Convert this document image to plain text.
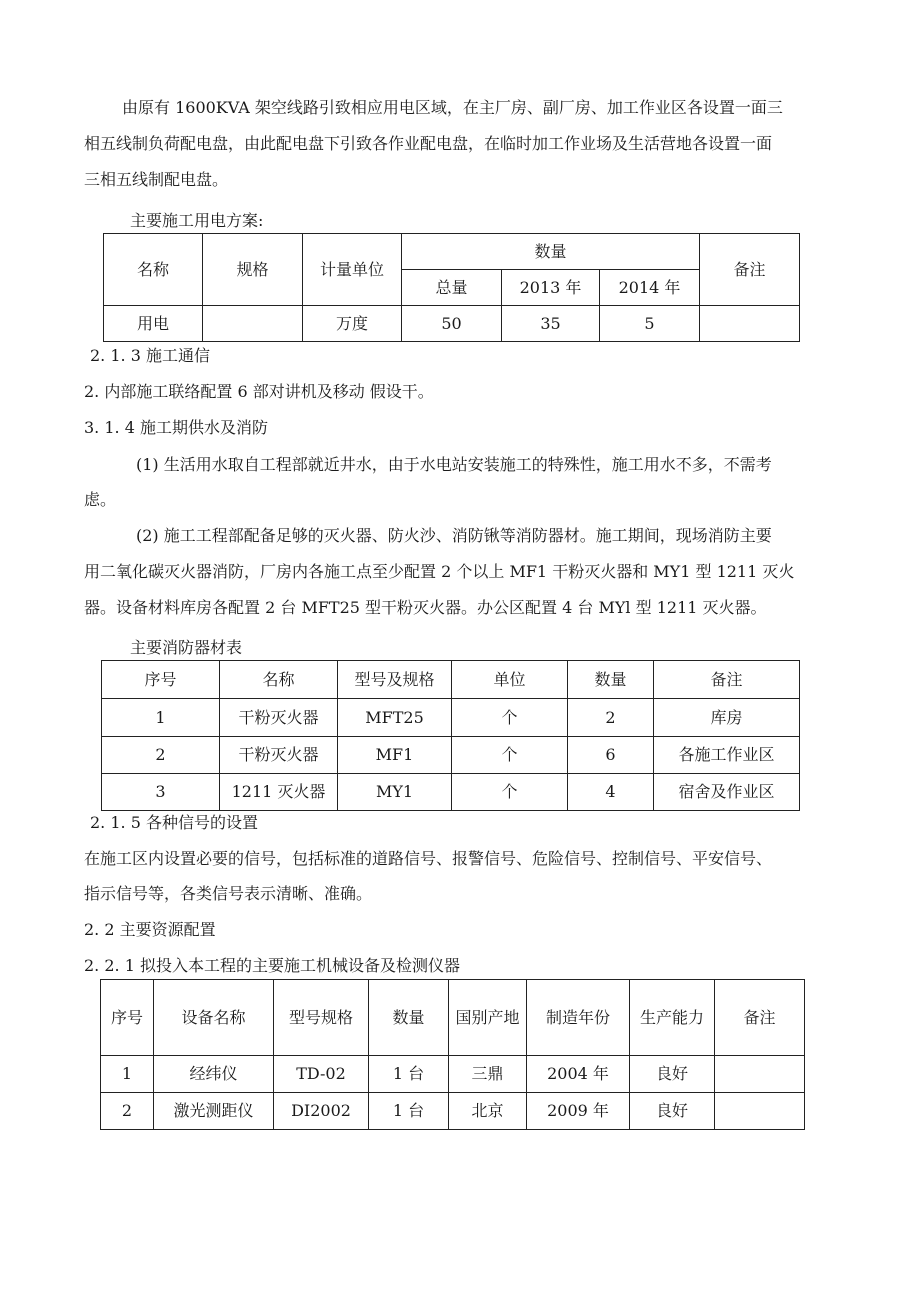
由原有 1600KVA 架空线路引致相应用电区域，在主厂房、副厂房、加工作业区各设置一面三
相五线制负荷配电盘，由此配电盘下引致各作业配电盘，在临时加工作业场及生活营地各设置一面
三相五线制配电盘。
主要施工用电方案:
名称	规格	计量单位	数量			备注
			总量	2013 年	2014 年	
用电		万度	50	35	5	
2. 1. 3 施工通信
2. 内部施工联络配置 6 部对讲机及移动 假设干。
3. 1. 4 施工期供水及消防
(1) 生活用水取自工程部就近井水，由于水电站安装施工的特殊性，施工用水不多，不需考
虑。
(2) 施工工程部配备足够的灭火器、防火沙、消防锹等消防器材。施工期间，现场消防主要
用二氧化碳灭火器消防，厂房内各施工点至少配置 2 个以上 MF1 干粉灭火器和 MY1 型 1211 灭火
器。设备材料库房各配置 2 台 MFT25 型干粉灭火器。办公区配置 4 台 MYl 型 1211 灭火器。
主要消防器材表
序号	名称	型号及规格	单位	数量	备注
1	干粉灭火器	MFT25	个	2	库房
2	干粉灭火器	MF1	个	6	各施工作业区
3	1211 灭火器	MY1	个	4	宿舍及作业区
2. 1. 5 各种信号的设置
在施工区内设置必要的信号，包括标准的道路信号、报警信号、危险信号、控制信号、平安信号、
指示信号等，各类信号表示清晰、准确。
2. 2 主要资源配置
2. 2. 1 拟投入本工程的主要施工机械设备及检测仪器
序号	设备名称	型号规格	数量	国别产地	制造年份	生产能力	备注
1	经纬仪	TD-02	1 台	三鼎	2004 年	良好	
2	激光测距仪	DI2002	1 台	北京	2009 年	良好	
